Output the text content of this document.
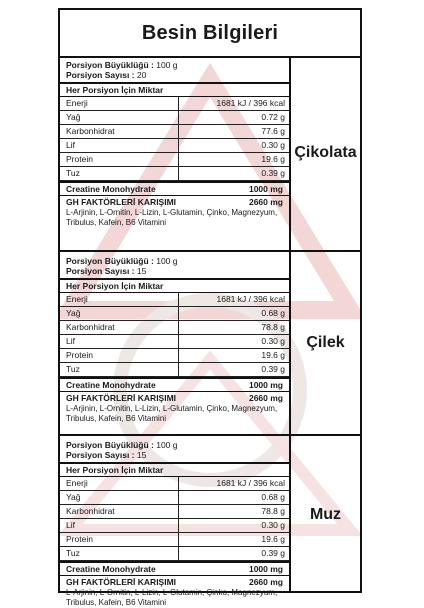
Besin Bilgileri
Porsiyon Büyüklüğü : 100 g
Porsiyon Sayısı : 20
Her Porsiyon İçin Miktar
Enerji	1681 kJ / 396 kcal
Yağ	0.72 g
Karbonhidrat	77.6 g
Lif	0.30 g
Protein	19.6 g
Tuz	0.39 g
Creatine Monohydrate	1000 mg
GH FAKTÖRLERİ KARIŞIMI	2660 mg
L-Arjinin, L-Ornitin, L-Lizin, L-Glutamin, Çinko, Magnezyum, Tribulus, Kafein, B6 Vitamini
Çikolata
Porsiyon Büyüklüğü : 100 g
Porsiyon Sayısı : 15
Her Porsiyon İçin Miktar
Enerji	1681 kJ / 396 kcal
Yağ	0.68 g
Karbonhidrat	78.8 g
Lif	0.30 g
Protein	19.6 g
Tuz	0.39 g
Creatine Monohydrate	1000 mg
GH FAKTÖRLERİ KARIŞIMI	2660 mg
L-Arjinin, L-Ornitin, L-Lizin, L-Glutamin, Çinko, Magnezyum, Tribulus, Kafein, B6 Vitamini
Çilek
Porsiyon Büyüklüğü : 100 g
Porsiyon Sayısı : 15
Her Porsiyon İçin Miktar
Enerji	1681 kJ / 396 kcal
Yağ	0.68 g
Karbonhidrat	78.8 g
Lif	0.30 g
Protein	19.6 g
Tuz	0.39 g
Creatine Monohydrate	1000 mg
GH FAKTÖRLERİ KARIŞIMI	2660 mg
L-Arjinin, L-Ornitin, L-Lizin, L-Glutamin, Çinko, Magnezyum, Tribulus, Kafein, B6 Vitamini
Muz
